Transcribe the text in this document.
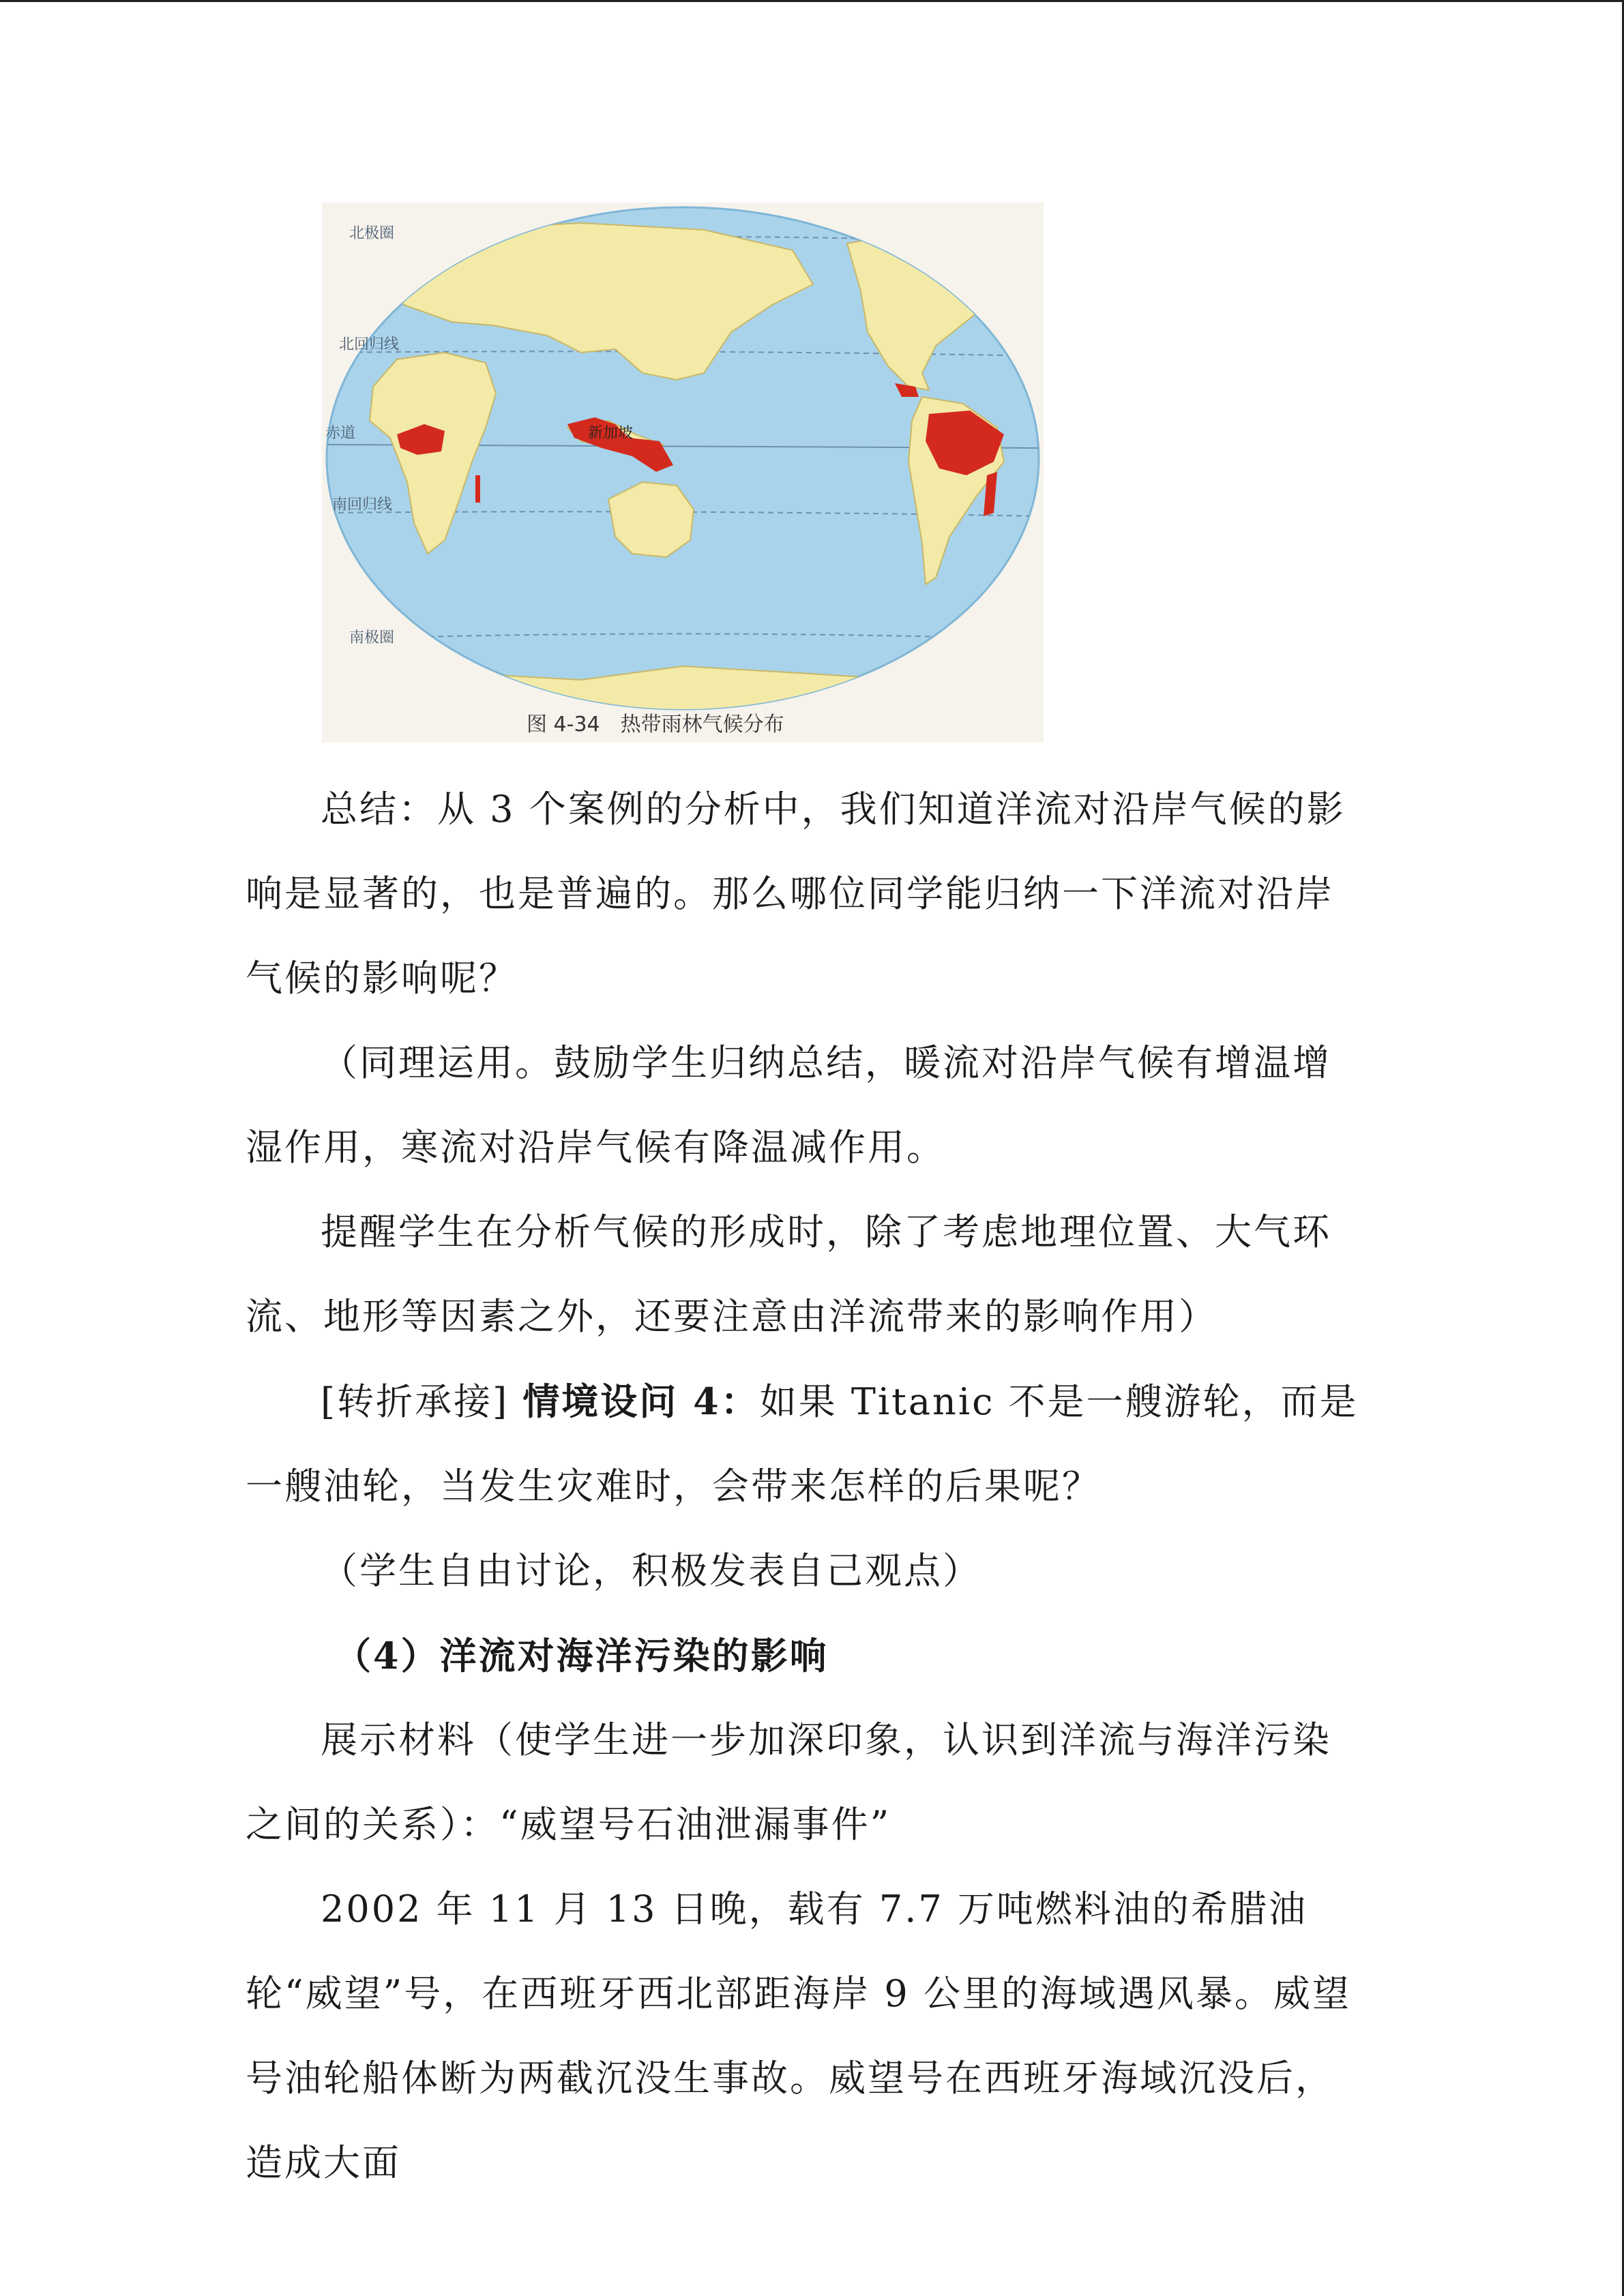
北极圈
北回归线
赤道
南回归线
南极圈
新加坡
图 4-34　热带雨林气候分布

总结：从 3 个案例的分析中，我们知道洋流对沿岸气候的影响是显著的，也是普遍的。那么哪位同学能归纳一下洋流对沿岸气候的影响呢？

（同理运用。鼓励学生归纳总结，暖流对沿岸气候有增温增湿作用，寒流对沿岸气候有降温减作用。

提醒学生在分析气候的形成时，除了考虑地理位置、大气环流、地形等因素之外，还要注意由洋流带来的影响作用）

[转折承接] 情境设问 4：如果 Titanic 不是一艘游轮，而是一艘油轮，当发生灾难时，会带来怎样的后果呢？

（学生自由讨论，积极发表自己观点）

（4）洋流对海洋污染的影响

展示材料（使学生进一步加深印象，认识到洋流与海洋污染之间的关系）：“威望号石油泄漏事件”

2002 年 11 月 13 日晚，载有 7.7 万吨燃料油的希腊油轮“威望”号，在西班牙西北部距海岸 9 公里的海域遇风暴。威望号油轮船体断为两截沉没生事故。威望号在西班牙海域沉没后，造成大面
